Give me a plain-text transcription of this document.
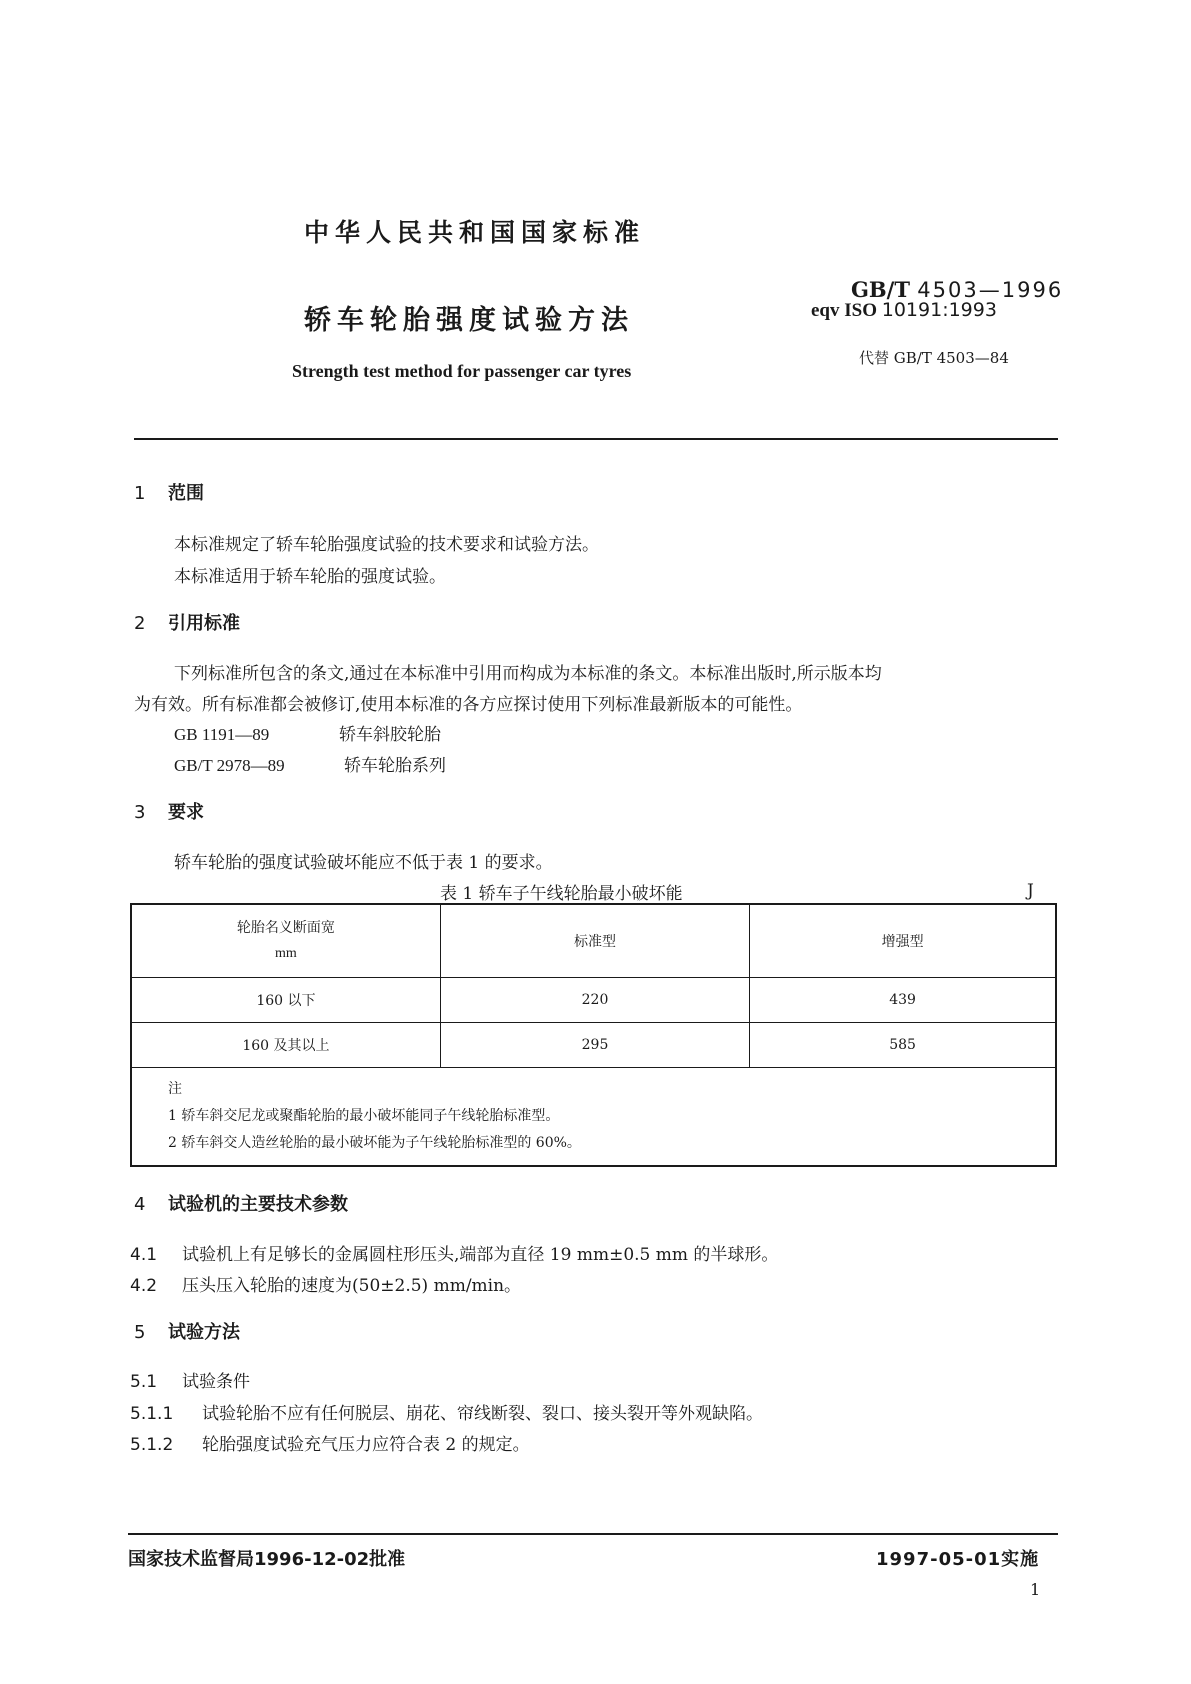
中华人民共和国国家标准
轿车轮胎强度试验方法
Strength test method for passenger car tyres
GB/T 4503—1996
eqv ISO 10191:1993
代替 GB/T 4503—84
1 范围
本标准规定了轿车轮胎强度试验的技术要求和试验方法。
本标准适用于轿车轮胎的强度试验。
2 引用标准
下列标准所包含的条文,通过在本标准中引用而构成为本标准的条文。本标准出版时,所示版本均
为有效。所有标准都会被修订,使用本标准的各方应探讨使用下列标准最新版本的可能性。
GB 1191—89	轿车斜胶轮胎
GB/T 2978—89	轿车轮胎系列
3 要求
轿车轮胎的强度试验破坏能应不低于表 1 的要求。
表 1 轿车子午线轮胎最小破坏能	J
轮胎名义断面宽
mm	标准型	增强型
160 以下	220	439
160 及其以上	295	585

注
1 轿车斜交尼龙或聚酯轮胎的最小破坏能同子午线轮胎标准型。
2 轿车斜交人造丝轮胎的最小破坏能为子午线轮胎标准型的 60%。		
4 试验机的主要技术参数
4.1 试验机上有足够长的金属圆柱形压头,端部为直径 19 mm±0.5 mm 的半球形。
4.2 压头压入轮胎的速度为(50±2.5) mm/min。
5 试验方法
5.1 试验条件
5.1.1 试验轮胎不应有任何脱层、崩花、帘线断裂、裂口、接头裂开等外观缺陷。
5.1.2 轮胎强度试验充气压力应符合表 2 的规定。
国家技术监督局1996-12-02批准	1997-05-01实施
1
